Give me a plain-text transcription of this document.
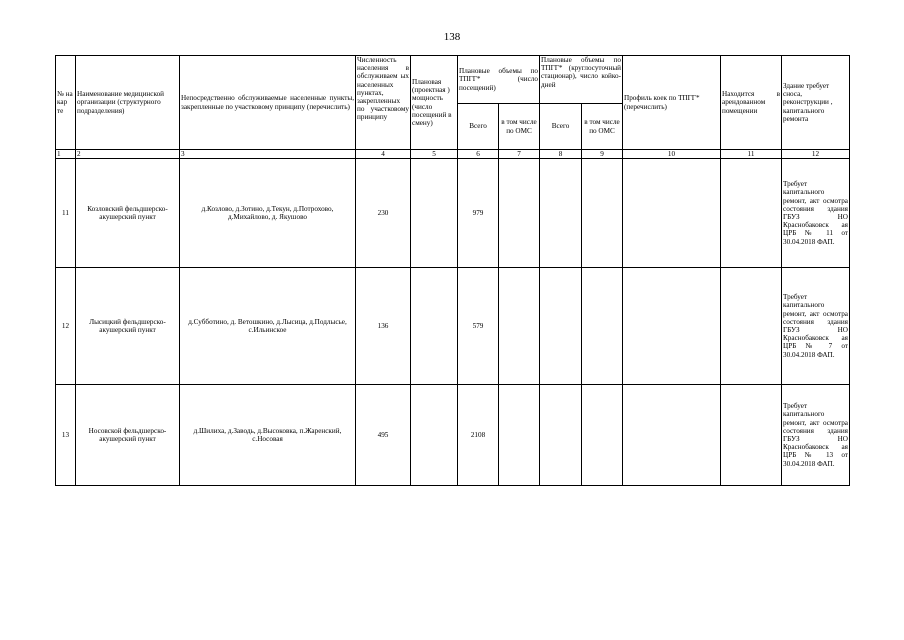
138
№ на кар те	Наименование медицинской организации (структурного подразделения)	Непосредственно обслуживаемые населенные пункты, закрепленные по участковому принципу (перечислить)	Численность населения в обслуживаем ых населенных пунктах, закрепленных по участковому принципу	Плановая (проектная ) мощность (число посещений в смену)	Плановые объемы по ТПГГ* (число посещений)		Плановые объемы по ТПГГ* (круглосуточный стационар), число койко-дней		Профиль коек по ТПГГ* (перечислить)	Находится в арендованном помещении	Здание требует сноса, реконструкции , капитального ремонта
					Всего	в том числе по ОМС	Всего	в том числе по ОМС			
1	2	3	4	5	6	7	8	9	10	11	12
11	Козловский фельдшерско-акушерский пункт	д.Козлово, д.Зотино, д.Текун, д.Потрохово, д.Михайлово, д. Якушово	230		979						Требует капитального ремонт, акт осмотра состояния здания ГБУЗ НО Краснобаковск ая ЦРБ № 11 от 30.04.2018 ФАП.
12	Лысицкий фельдшерско-акушерский пункт	д.Субботино, д. Ветошкино, д.Лысица, д.Подлысье, с.Ильинское	136		579						Требует капитального ремонт, акт осмотра состояния здания ГБУЗ НО Краснобаковск ая ЦРБ № 7 от 30.04.2018 ФАП.
13	Носовской фельдшерско-акушерский пункт	д.Шилиха, д.Заводь, д.Высоковка, п.Жаренский, с.Носовая	495		2108						Требует капитального ремонт, акт осмотра состояния здания ГБУЗ НО Краснобаковск ая ЦРБ № 13 от 30.04.2018 ФАП.
